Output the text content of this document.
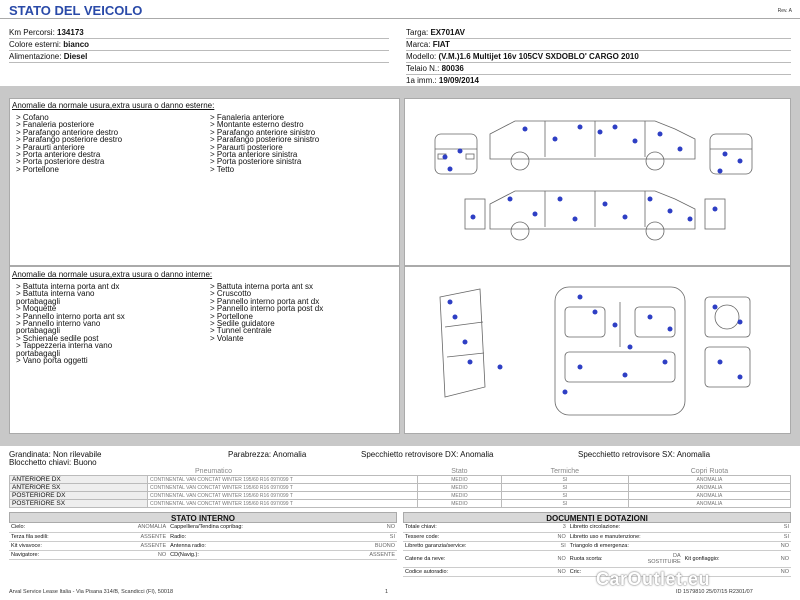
STATO DEL VEICOLO	Rev. A
Km Percorsi: 134173
Colore esterni: bianco
Alimentazione: Diesel
Targa: EX701AV
Marca: FIAT
Modello: (V.M.)1.6 Multijet 16v 105CV SXDOBLO' CARGO 2010
Telaio N.: 80036
1a imm.: 19/09/2014
Anomalie da normale usura,extra usura o danno esterne:
> Cofano
> Fanaleria posteriore
> Parafango anteriore destro
> Parafango posteriore destro
> Paraurti anteriore
> Porta anteriore destra
> Porta posteriore destra
> Portellone
> Fanaleria anteriore
> Montante esterno destro
> Parafango anteriore sinistro
> Parafango posteriore sinistro
> Paraurti posteriore
> Porta anteriore sinistra
> Porta posteriore sinistra
> Tetto
Anomalie da normale usura,extra usura o danno interne:
> Battuta interna porta ant dx
> Battuta interna vano
portabagagli
> Moquette
> Pannello interno porta ant sx
> Pannello interno vano
portabagagli
> Schienale sedile post
> Tappezzeria interna vano
portabagagli
> Vano porta oggetti
> Battuta interna porta ant sx
> Cruscotto
> Pannello interno porta ant dx
> Pannello interno porta post dx
> Portellone
> Sedile guidatore
> Tunnel centrale
> Volante
Grandinata: Non rilevabile	Parabrezza: Anomalia	Specchietto retrovisore DX: Anomalia	Specchietto retrovisore SX: Anomalia
Blocchetto chiavi: Buono
Pneumatico		Stato	Termiche	Copri Ruota
ANTERIORE DX	CONTINENTAL VAN CONCTAT WINTER 195/60 R16 097/099 T	MEDIO	SI	ANOMALIA
ANTERIORE SX	CONTINENTAL VAN CONCTAT WINTER 195/60 R16 097/099 T	MEDIO	SI	ANOMALIA
POSTERIORE DX	CONTINENTAL VAN CONCTAT WINTER 195/60 R16 097/099 T	MEDIO	SI	ANOMALIA
POSTERIORE SX	CONTINENTAL VAN CONCTAT WINTER 195/60 R16 097/099 T	MEDIO	SI	ANOMALIA
STATO INTERNO
Cielo:	ANOMALIA	Cappelliera/Tendina copribag:	NO
Terza fila sedili:	ASSENTE	Radio:	SI
Kit vivavoce:	ASSENTE	Antenna radio:	BUONO
Navigatore:	NO	CD(Navig.):	ASSENTE
DOCUMENTI E DOTAZIONI
Totale chiavi:	3	Libretto circolazione:			SI
Tessere code:	NO	Libretto uso e manutenzione:			SI
Libretto garanzia/service:	SI	Triangolo di emergenza:			NO
Catene da neve:	NO	Ruota scorta:	DA SOSTITUIRE	Kit gonfiaggio:	NO
Codice autoradio:	NO	Cric:			NO
Arval Service Lease Italia - Via Pisana 314/B, Scandicci (FI), 50018	1	ID 1579810 25/07/15 R2301/07
CarOutlet.eu
